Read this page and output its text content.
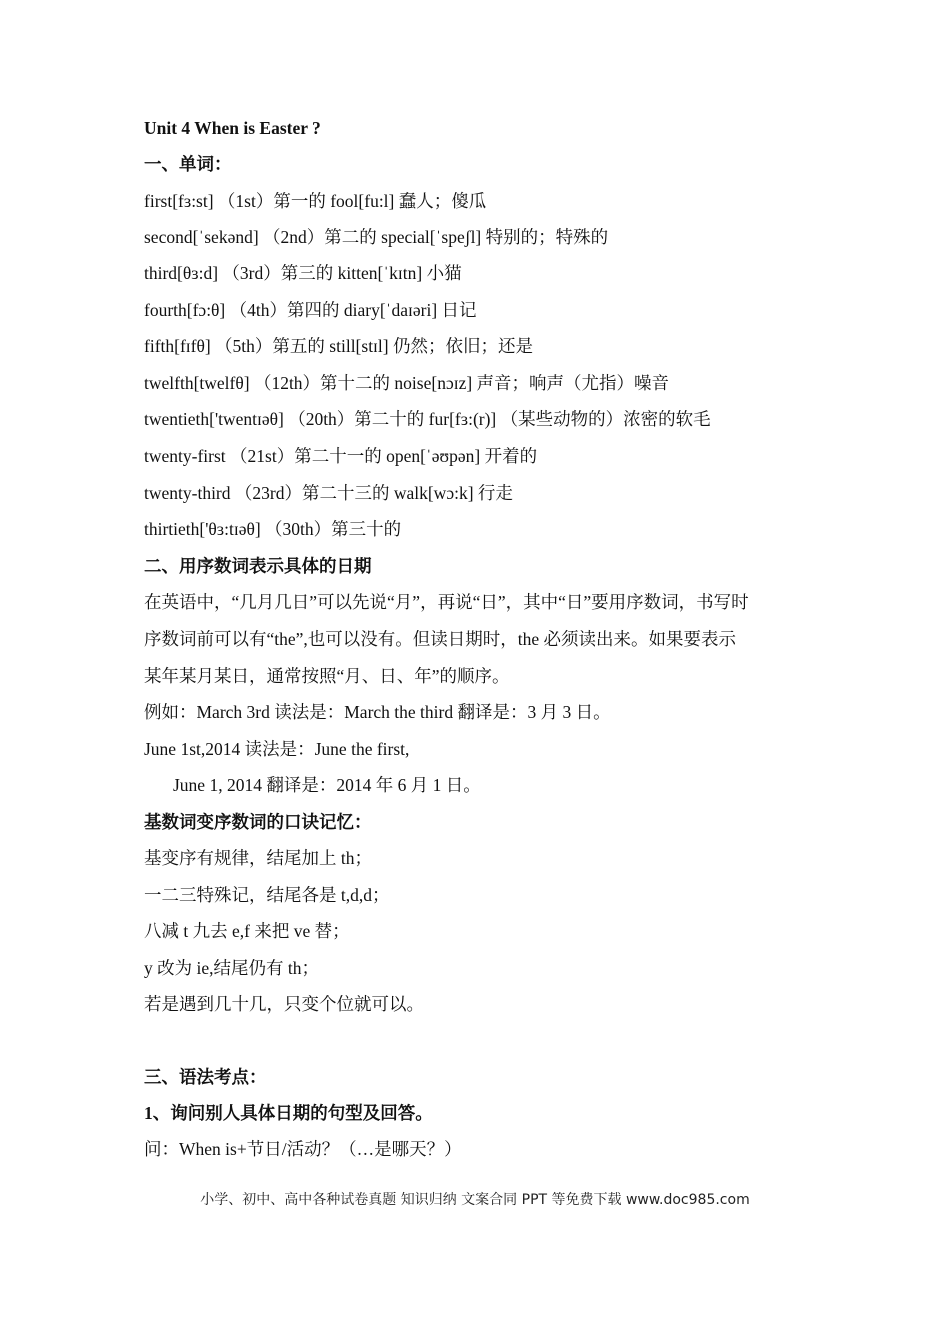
Unit 4 When is Easter ?
一、单词：
first[fɜ:st] （1st）第一的 fool[fu:l] 蠢人；傻瓜
second[ˈsekənd] （2nd）第二的 special[ˈspeʃl] 特别的；特殊的
third[θɜ:d] （3rd）第三的 kitten[ˈkɪtn] 小猫
fourth[fɔ:θ] （4th）第四的 diary[ˈdaɪəri] 日记
fifth[fɪfθ] （5th）第五的 still[stɪl] 仍然；依旧；还是
twelfth[twelfθ] （12th）第十二的 noise[nɔɪz] 声音；响声（尤指）噪音
twentieth['twentɪəθ] （20th）第二十的 fur[fɜ:(r)] （某些动物的）浓密的软毛
twenty-first （21st）第二十一的 open[ˈəʊpən] 开着的
twenty-third （23rd）第二十三的 walk[wɔ:k] 行走
thirtieth['θɜ:tɪəθ] （30th）第三十的
二、用序数词表示具体的日期
在英语中，“几月几日”可以先说“月”，再说“日”，其中“日”要用序数词，书写时
序数词前可以有“the”,也可以没有。但读日期时，the 必须读出来。如果要表示
某年某月某日，通常按照“月、日、年”的顺序。
例如：March 3rd 读法是：March the third 翻译是：3 月 3 日。
June 1st,2014 读法是：June the first,
June 1, 2014 翻译是：2014 年 6 月 1 日。
基数词变序数词的口诀记忆：
基变序有规律，结尾加上 th；
一二三特殊记，结尾各是 t,d,d；
八减 t 九去 e,f 来把 ve 替；
y 改为 ie,结尾仍有 th；
若是遇到几十几，只变个位就可以。
三、语法考点：
1、询问别人具体日期的句型及回答。
问：When is+节日/活动？（…是哪天？）
小学、初中、高中各种试卷真题 知识归纳 文案合同 PPT 等免费下载 www.doc985.com
